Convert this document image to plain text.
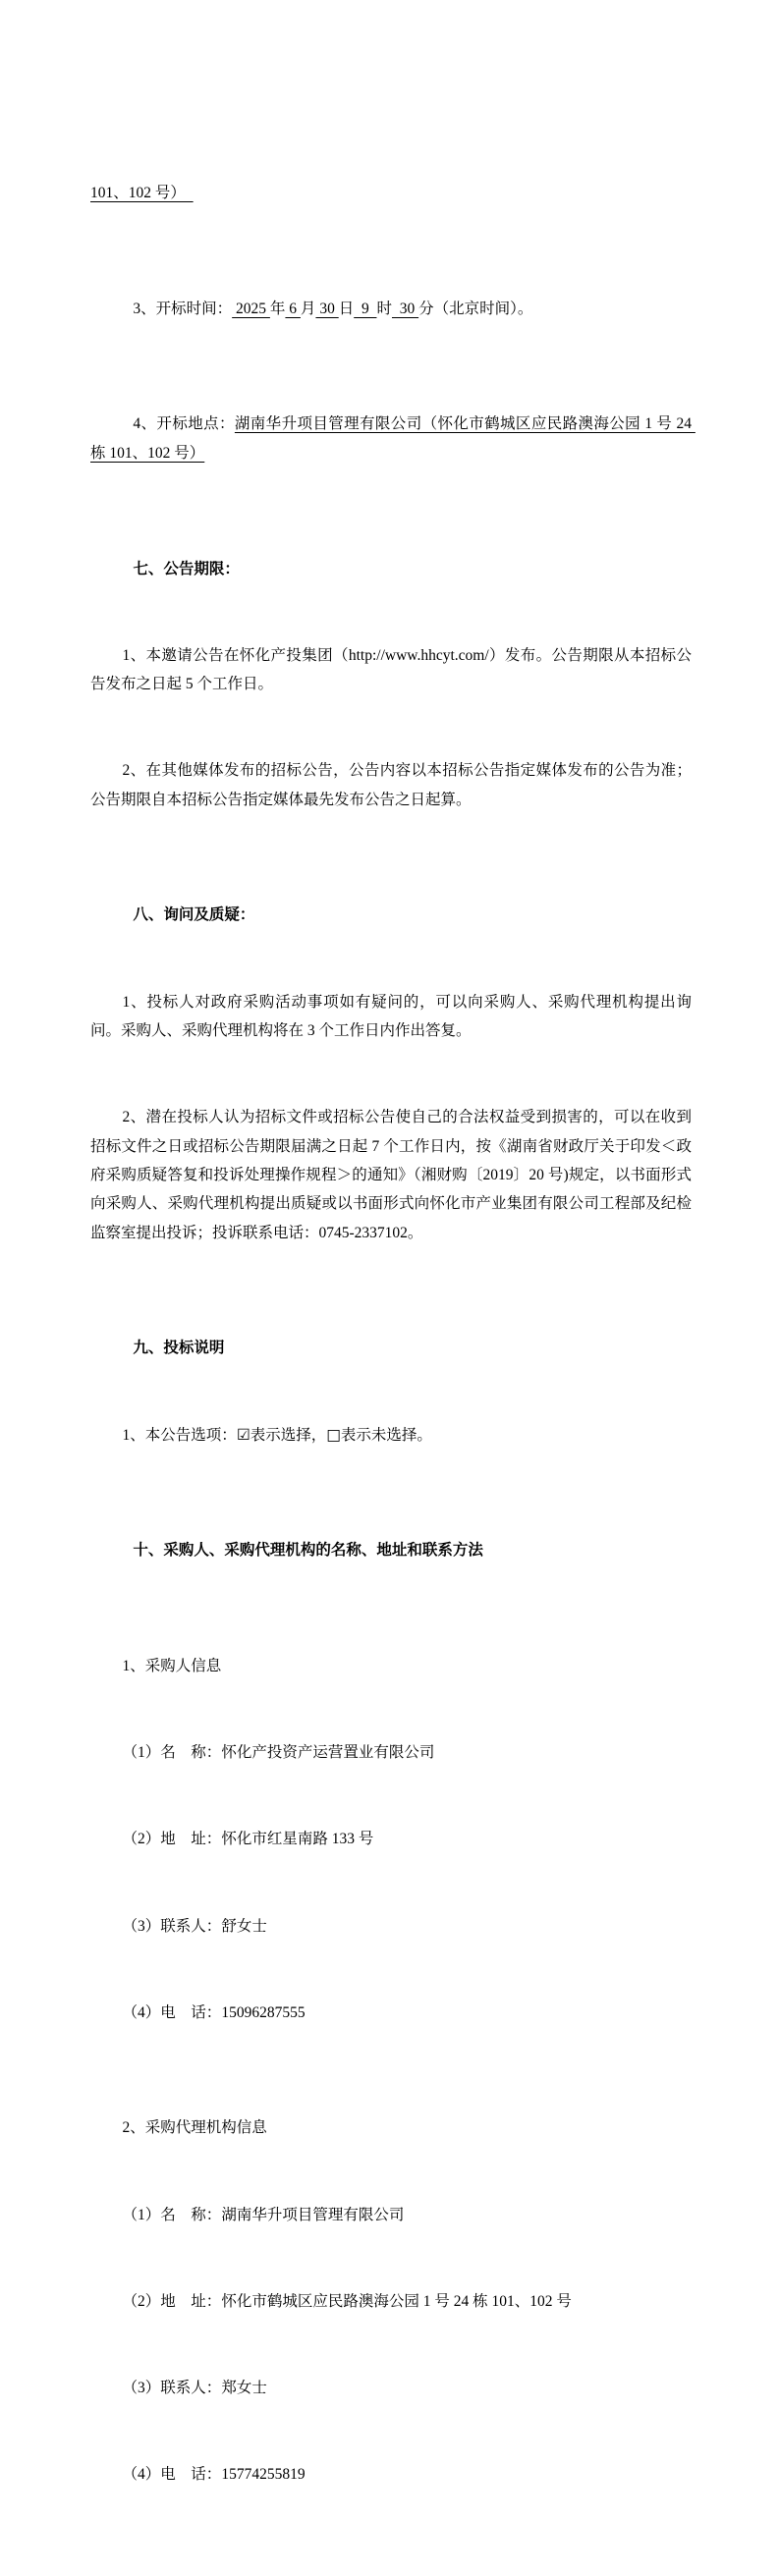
101、102 号）　

3、开标时间： 2025 年 6 月 30 日  9  时  30 分（北京时间）。

4、开标地点：湖南华升项目管理有限公司（怀化市鹤城区应民路澳海公园 1 号 24 栋 101、102 号）

七、公告期限：

1、本邀请公告在怀化产投集团（http://www.hhcyt.com/）发布。公告期限从本招标公告发布之日起 5 个工作日。

2、在其他媒体发布的招标公告，公告内容以本招标公告指定媒体发布的公告为准；公告期限自本招标公告指定媒体最先发布公告之日起算。

八、询问及质疑：

1、投标人对政府采购活动事项如有疑问的，可以向采购人、采购代理机构提出询问。采购人、采购代理机构将在 3 个工作日内作出答复。

2、潜在投标人认为招标文件或招标公告使自己的合法权益受到损害的，可以在收到招标文件之日或招标公告期限届满之日起 7 个工作日内，按《湖南省财政厅关于印发＜政府采购质疑答复和投诉处理操作规程＞的通知》（湘财购〔2019〕20 号)规定，以书面形式向采购人、采购代理机构提出质疑或以书面形式向怀化市产业集团有限公司工程部及纪检监察室提出投诉；投诉联系电话：0745-2337102。

九、投标说明

1、本公告选项：☑表示选择，□表示未选择。

十、采购人、采购代理机构的名称、地址和联系方法

1、采购人信息

（1）名　称：怀化产投资产运营置业有限公司

（2）地　址：怀化市红星南路 133 号

（3）联系人：舒女士

（4）电　话：15096287555

2、采购代理机构信息

（1）名　称：湖南华升项目管理有限公司

（2）地　址：怀化市鹤城区应民路澳海公园 1 号 24 栋 101、102 号

（3）联系人：郑女士

（4）电　话：15774255819
